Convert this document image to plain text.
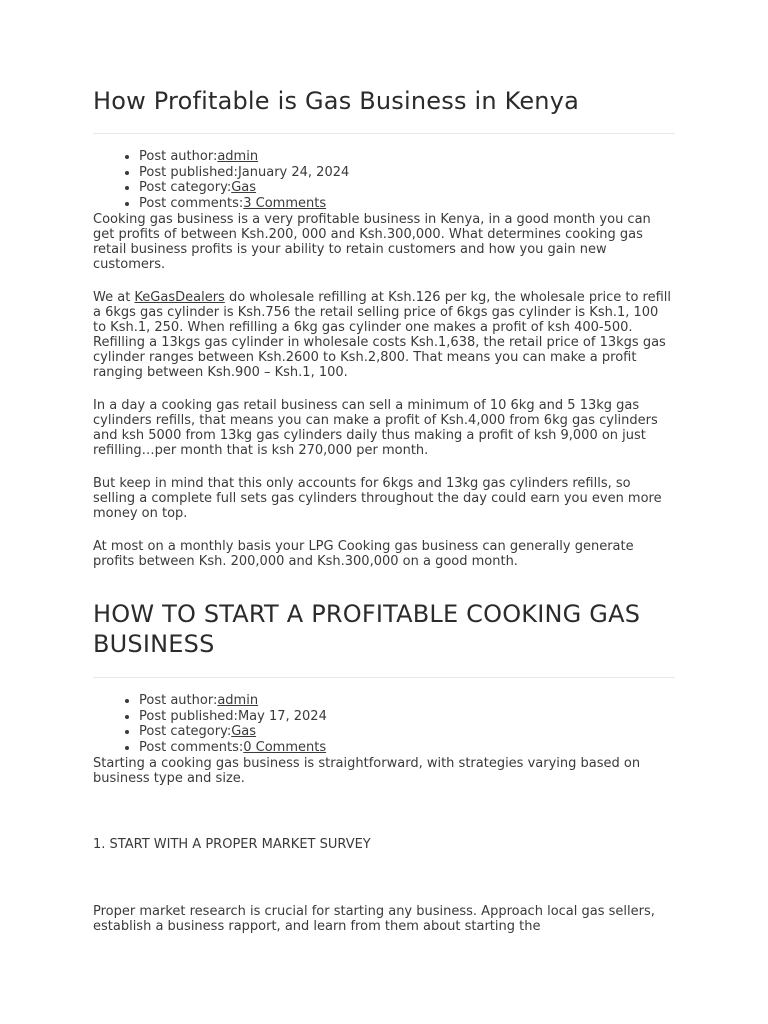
How Profitable is Gas Business in Kenya
• Post author:admin
• Post published:January 24, 2024
• Post category:Gas
• Post comments:3 Comments

Cooking gas business is a very profitable business in Kenya, in a good month you can get profits of between Ksh.200, 000 and Ksh.300,000. What determines cooking gas retail business profits is your ability to retain customers and how you gain new customers.

We at KeGasDealers do wholesale refilling at Ksh.126 per kg, the wholesale price to refill a 6kgs gas cylinder is Ksh.756 the retail selling price of 6kgs gas cylinder is Ksh.1, 100 to Ksh.1, 250. When refilling a 6kg gas cylinder one makes a profit of ksh 400-500.

Refilling a 13kgs gas cylinder in wholesale costs Ksh.1,638, the retail price of 13kgs gas cylinder ranges between Ksh.2600 to Ksh.2,800. That means you can make a profit ranging between Ksh.900 – Ksh.1, 100.

In a day a cooking gas retail business can sell a minimum of 10 6kg and 5 13kg gas cylinders refills, that means you can make a profit of Ksh.4,000 from 6kg gas cylinders and ksh 5000 from 13kg gas cylinders daily thus making a profit of ksh 9,000 on just refilling…per month that is ksh 270,000 per month.

But keep in mind that this only accounts for 6kgs and 13kg gas cylinders refills, so selling a complete full sets gas cylinders throughout the day could earn you even more money on top.

At most on a monthly basis your LPG Cooking gas business can generally generate profits between Ksh. 200,000 and Ksh.300,000 on a good month.

HOW TO START A PROFITABLE COOKING GAS BUSINESS
• Post author:admin
• Post published:May 17, 2024
• Post category:Gas
• Post comments:0 Comments

Starting a cooking gas business is straightforward, with strategies varying based on business type and size.

1. START WITH A PROPER MARKET SURVEY

Proper market research is crucial for starting any business. Approach local gas sellers, establish a business rapport, and learn from them about starting the
